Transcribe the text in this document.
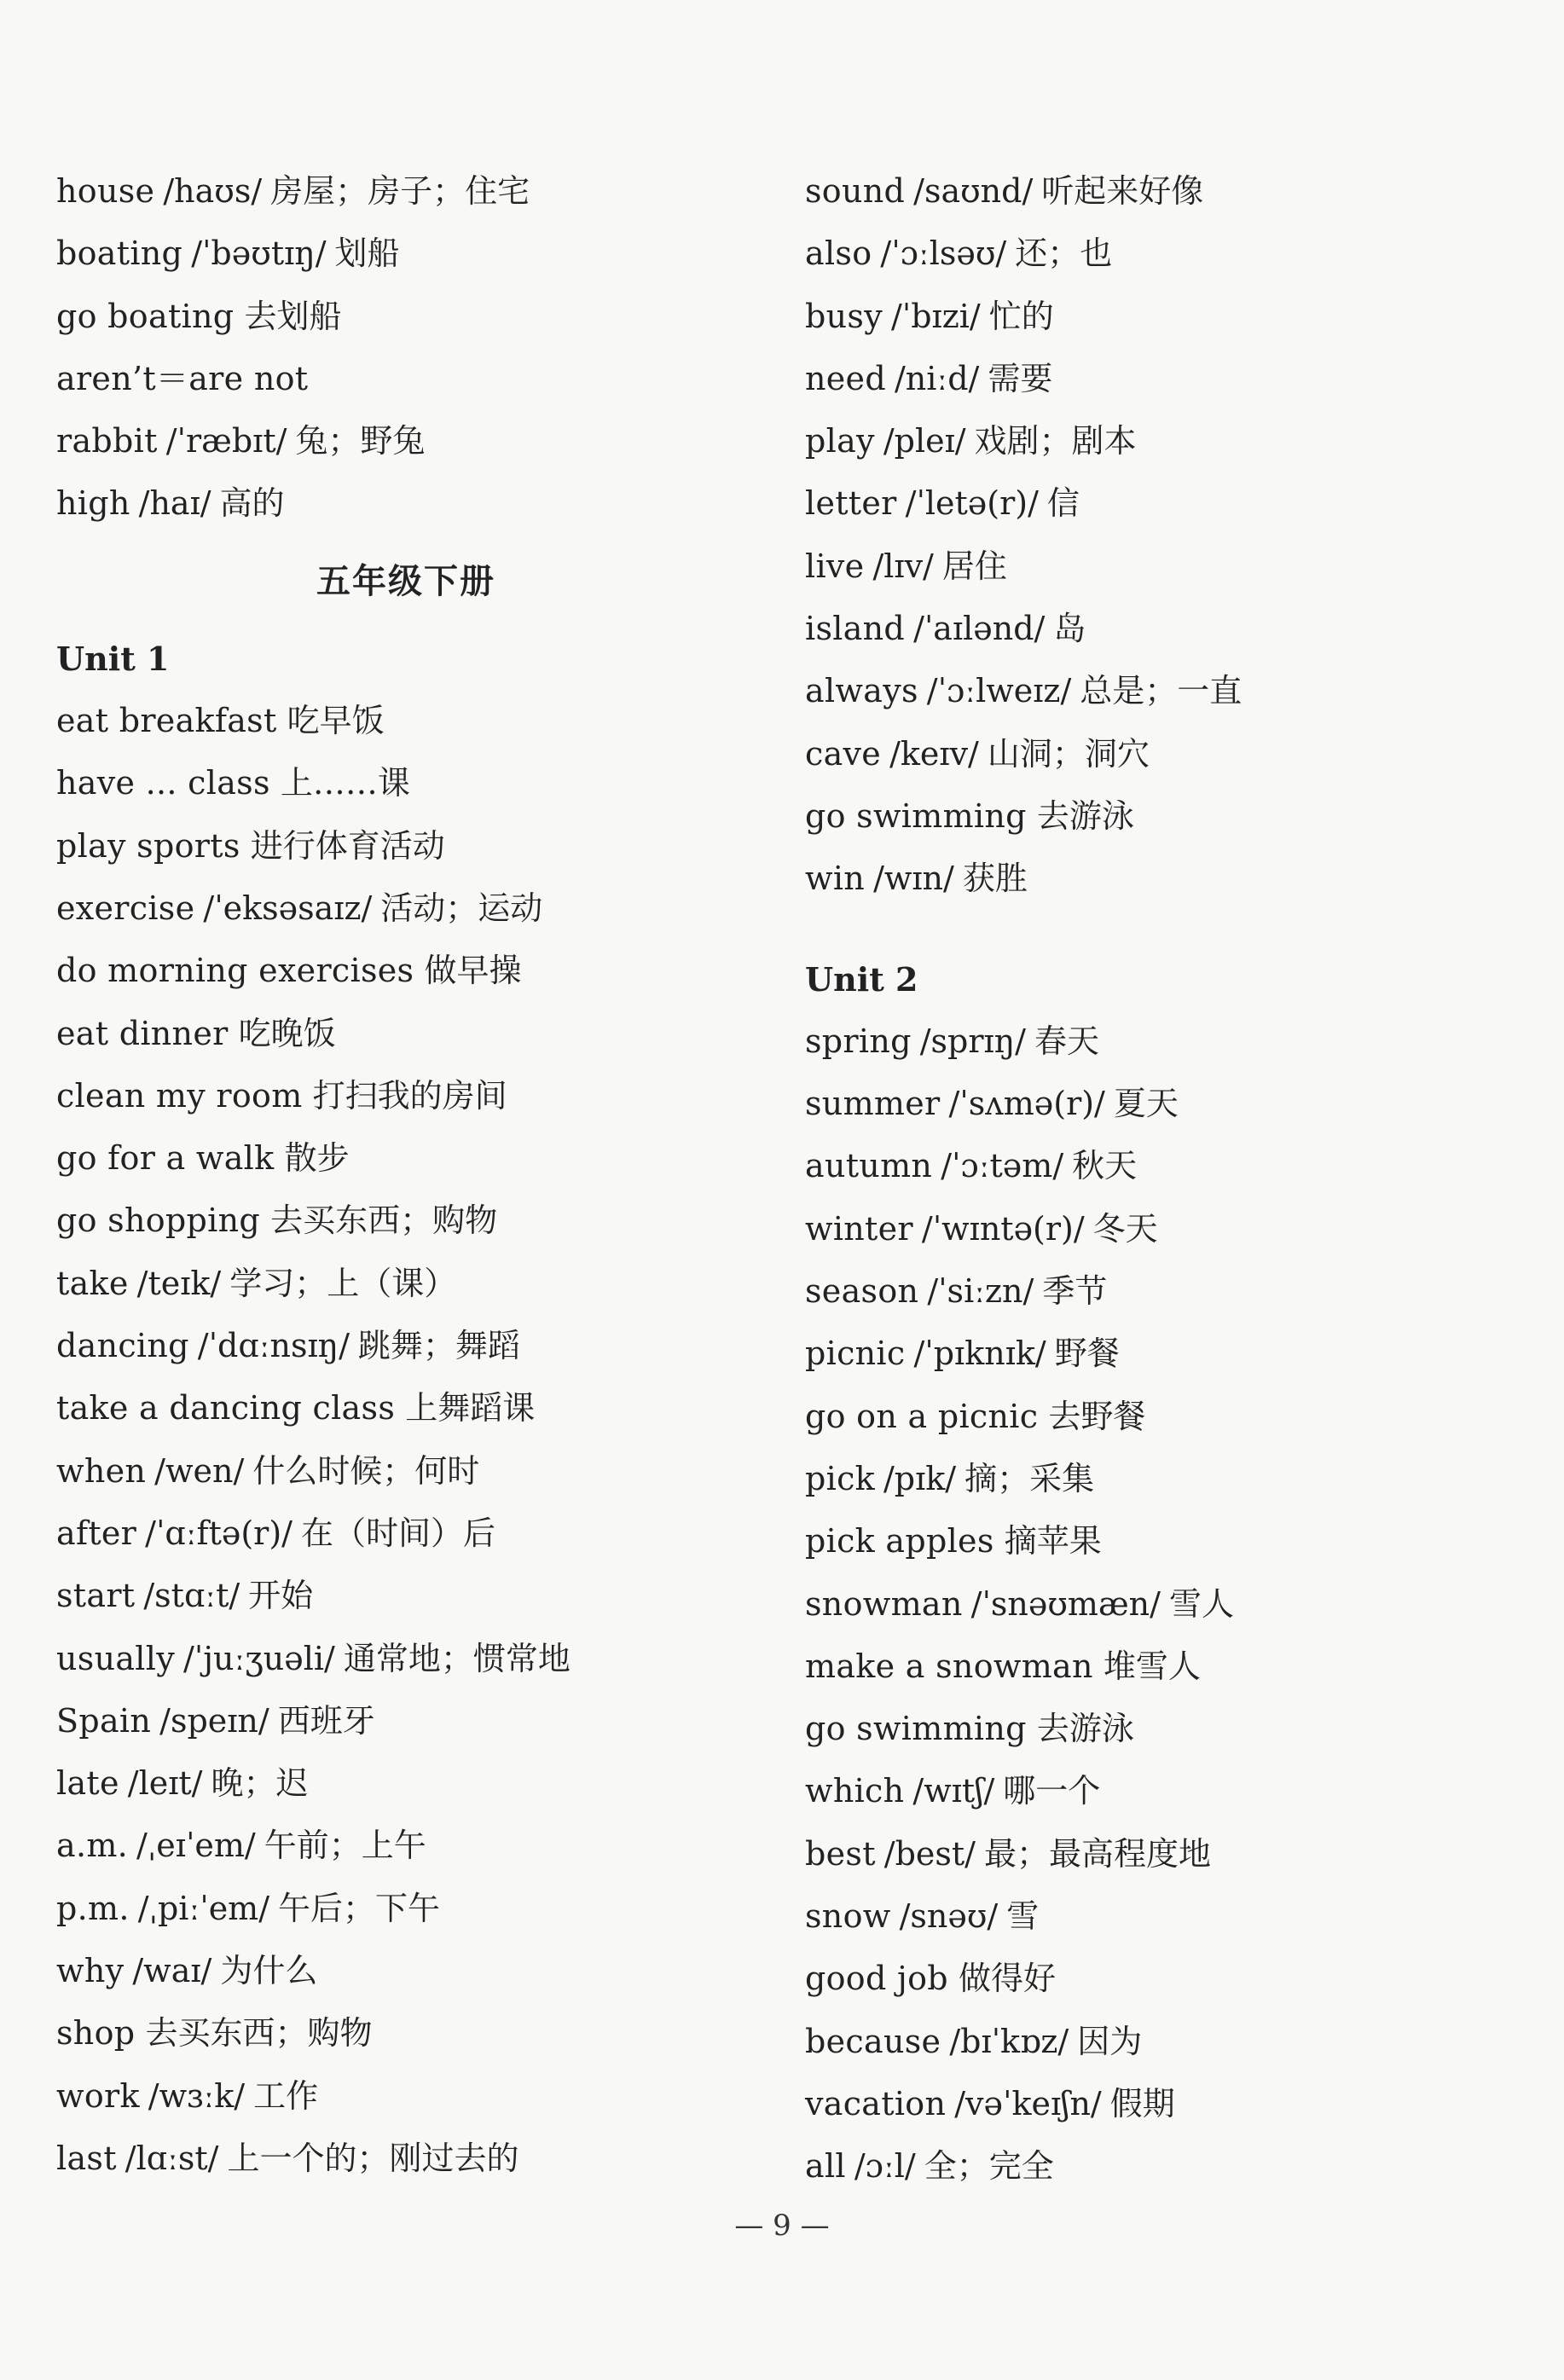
house /haʊs/ 房屋；房子；住宅
boating /ˈbəʊtɪŋ/ 划船
go boating 去划船
aren’t＝are not
rabbit /ˈræbɪt/ 兔；野兔
high /haɪ/ 高的
五年级下册
Unit 1
eat breakfast 吃早饭
have ... class 上……课
play sports 进行体育活动
exercise /ˈeksəsaɪz/ 活动；运动
do morning exercises 做早操
eat dinner 吃晚饭
clean my room 打扫我的房间
go for a walk 散步
go shopping 去买东西；购物
take /teɪk/ 学习；上（课）
dancing /ˈdɑːnsɪŋ/ 跳舞；舞蹈
take a dancing class 上舞蹈课
when /wen/ 什么时候；何时
after /ˈɑːftə(r)/ 在（时间）后
start /stɑːt/ 开始
usually /ˈjuːʒuəli/ 通常地；惯常地
Spain /speɪn/ 西班牙
late /leɪt/ 晚；迟
a.m. /ˌeɪˈem/ 午前；上午
p.m. /ˌpiːˈem/ 午后；下午
why /waɪ/ 为什么
shop 去买东西；购物
work /wɜːk/ 工作
last /lɑːst/ 上一个的；刚过去的
sound /saʊnd/ 听起来好像
also /ˈɔːlsəʊ/ 还；也
busy /ˈbɪzi/ 忙的
need /niːd/ 需要
play /pleɪ/ 戏剧；剧本
letter /ˈletə(r)/ 信
live /lɪv/ 居住
island /ˈaɪlənd/ 岛
always /ˈɔːlweɪz/ 总是；一直
cave /keɪv/ 山洞；洞穴
go swimming 去游泳
win /wɪn/ 获胜
Unit 2
spring /sprɪŋ/ 春天
summer /ˈsʌmə(r)/ 夏天
autumn /ˈɔːtəm/ 秋天
winter /ˈwɪntə(r)/ 冬天
season /ˈsiːzn/ 季节
picnic /ˈpɪknɪk/ 野餐
go on a picnic 去野餐
pick /pɪk/ 摘；采集
pick apples 摘苹果
snowman /ˈsnəʊmæn/ 雪人
make a snowman 堆雪人
go swimming 去游泳
which /wɪtʃ/ 哪一个
best /best/ 最；最高程度地
snow /snəʊ/ 雪
good job 做得好
because /bɪˈkɒz/ 因为
vacation /vəˈkeɪʃn/ 假期
all /ɔːl/ 全；完全
— 9 —
